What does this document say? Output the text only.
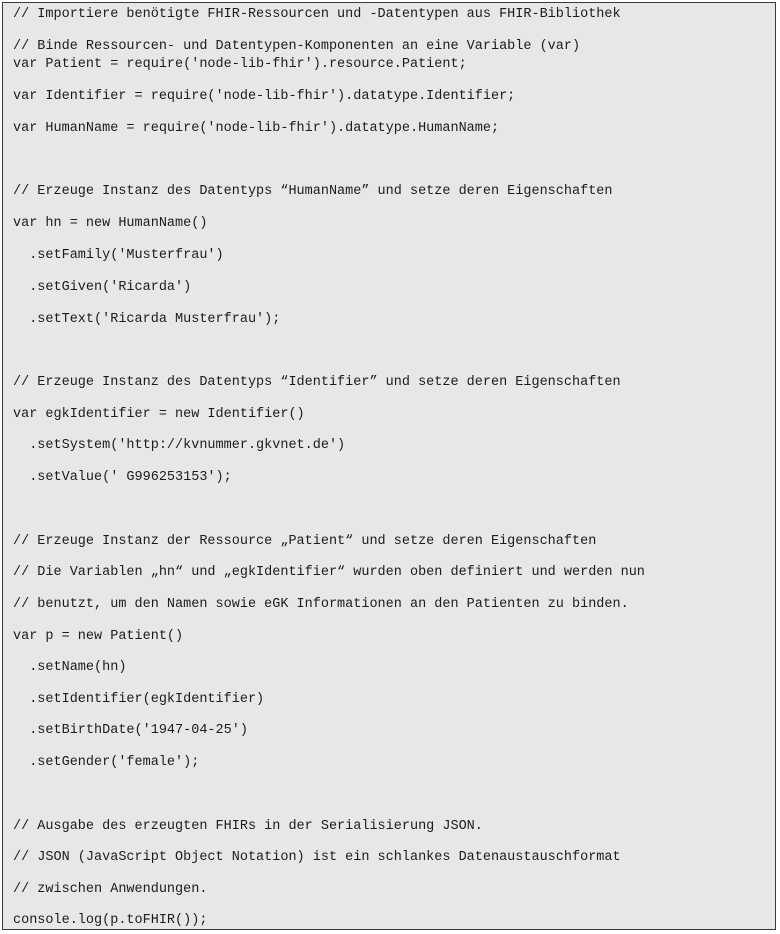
// Importiere benötigte FHIR-Ressourcen und -Datentypen aus FHIR-Bibliothek
// Binde Ressourcen- und Datentypen-Komponenten an eine Variable (var)
var Patient = require('node-lib-fhir').resource.Patient;
var Identifier = require('node-lib-fhir').datatype.Identifier;
var HumanName = require('node-lib-fhir').datatype.HumanName;
// Erzeuge Instanz des Datentyps “HumanName” und setze deren Eigenschaften
var hn = new HumanName()
.setFamily('Musterfrau')
.setGiven('Ricarda')
.setText('Ricarda Musterfrau');
// Erzeuge Instanz des Datentyps “Identifier” und setze deren Eigenschaften
var egkIdentifier = new Identifier()
.setSystem('http://kvnummer.gkvnet.de')
.setValue(' G996253153');
// Erzeuge Instanz der Ressource „Patient“ und setze deren Eigenschaften
// Die Variablen „hn“ und „egkIdentifier“ wurden oben definiert und werden nun
// benutzt, um den Namen sowie eGK Informationen an den Patienten zu binden.
var p = new Patient()
.setName(hn)
.setIdentifier(egkIdentifier)
.setBirthDate('1947-04-25')
.setGender('female');
// Ausgabe des erzeugten FHIRs in der Serialisierung JSON.
// JSON (JavaScript Object Notation) ist ein schlankes Datenaustauschformat
// zwischen Anwendungen.
console.log(p.toFHIR());
